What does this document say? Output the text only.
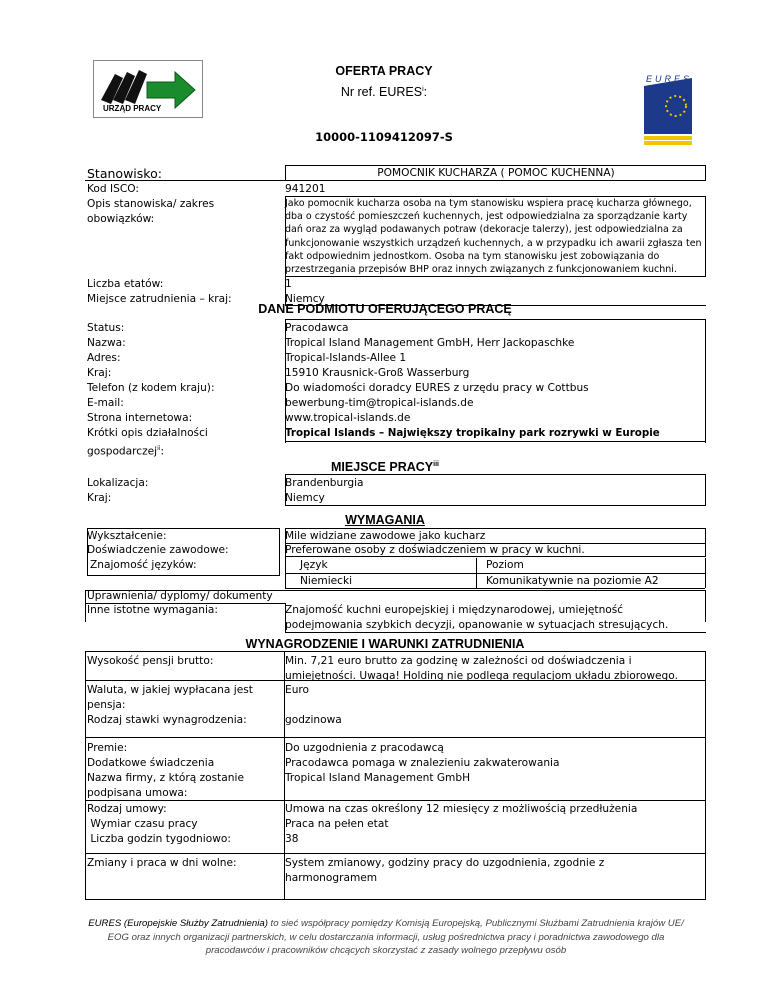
URZĄD PRACY
EURES
OFERTA PRACY
Nr ref. EURES$^i$:
10000-1109412097-S
Stanowisko:	POMOCNIK KUCHARZA ( POMOC KUCHENNA)
Kod ISCO:	941201
Opis stanowiska/ zakres obowiązków:
Jako pomocnik kucharza osoba na tym stanowisku wspiera pracę kucharza głównego, dba o czystość pomieszczeń kuchennych, jest odpowiedzialna za sporządzanie karty dań oraz za wygląd podawanych potraw (dekoracje talerzy), jest odpowiedzialna za funkcjonowanie wszystkich urządzeń kuchennych, a w przypadku ich awarii zgłasza ten fakt odpowiednim jednostkom. Osoba na tym stanowisku jest zobowiązania do przestrzegania przepisów BHP oraz innych związanych z funkcjonowaniem kuchni.
Liczba etatów:	1
Miejsce zatrudnienia – kraj:	Niemcy
DANE PODMIOTU OFERUJĄCEGO PRACĘ
Status:	Pracodawca
Nazwa:	Tropical Island Management GmbH, Herr Jackopaschke
Adres:	Tropical-Islands-Allee 1
Kraj:	15910 Krausnick-Groß Wasserburg
Telefon (z kodem kraju):	Do wiadomości doradcy EURES z urzędu pracy w Cottbus
E-mail:	bewerbung-tim@tropical-islands.de
Strona internetowa:	www.tropical-islands.de
Krótki opis działalności gospodarczej$^{ii}$:
Tropical Islands – Największy tropikalny park rozrywki w Europie
MIEJSCE PRACY$^{iii}$
Lokalizacja:	Brandenburgia
Kraj:	Niemcy
WYMAGANIA
Wykształcenie:	Mile widziane zawodowe jako kucharz
Doświadczenie zawodowe:	Preferowane osoby z doświadczeniem w pracy w kuchni.
Znajomość języków:	Język	Poziom
Niemiecki	Komunikatywnie na poziomie A2
Uprawnienia/ dyplomy/ dokumenty
Inne istotne wymagania:	Znajomość kuchni europejskiej i międzynarodowej, umiejętność podejmowania szybkich decyzji, opanowanie w sytuacjach stresujących.
WYNAGRODZENIE I WARUNKI ZATRUDNIENIA
Wysokość pensji brutto:	Min. 7,21 euro brutto za godzinę w zależności od doświadczenia i umiejętności. Uwaga! Holding nie podlega regulacjom układu zbiorowego.
Waluta, w jakiej wypłacana jest pensja:
Euro
Rodzaj stawki wynagrodzenia:	godzinowa
Premie:	Do uzgodnienia z pracodawcą
Dodatkowe świadczenia	Pracodawca pomaga w znalezieniu zakwaterowania
Nazwa firmy, z którą zostanie podpisana umowa:
Tropical Island Management GmbH
Rodzaj umowy:	Umowa na czas określony 12 miesięcy z możliwością przedłużenia
Wymiar czasu pracy	Praca na pełen etat
Liczba godzin tygodniowo:	38
Zmiany i praca w dni wolne:	System zmianowy, godziny pracy do uzgodnienia, zgodnie z harmonogramem
EURES (Europejskie Służby Zatrudnienia) to sieć współpracy pomiędzy Komisją Europejską, Publicznymi Służbami Zatrudnienia krajów UE/ EOG oraz innych organizacji partnerskich, w celu dostarczania informacji, usług pośrednictwa pracy i poradnictwa zawodowego dla pracodawców i pracowników chcących skorzystać z zasady wolnego przepływu osób
